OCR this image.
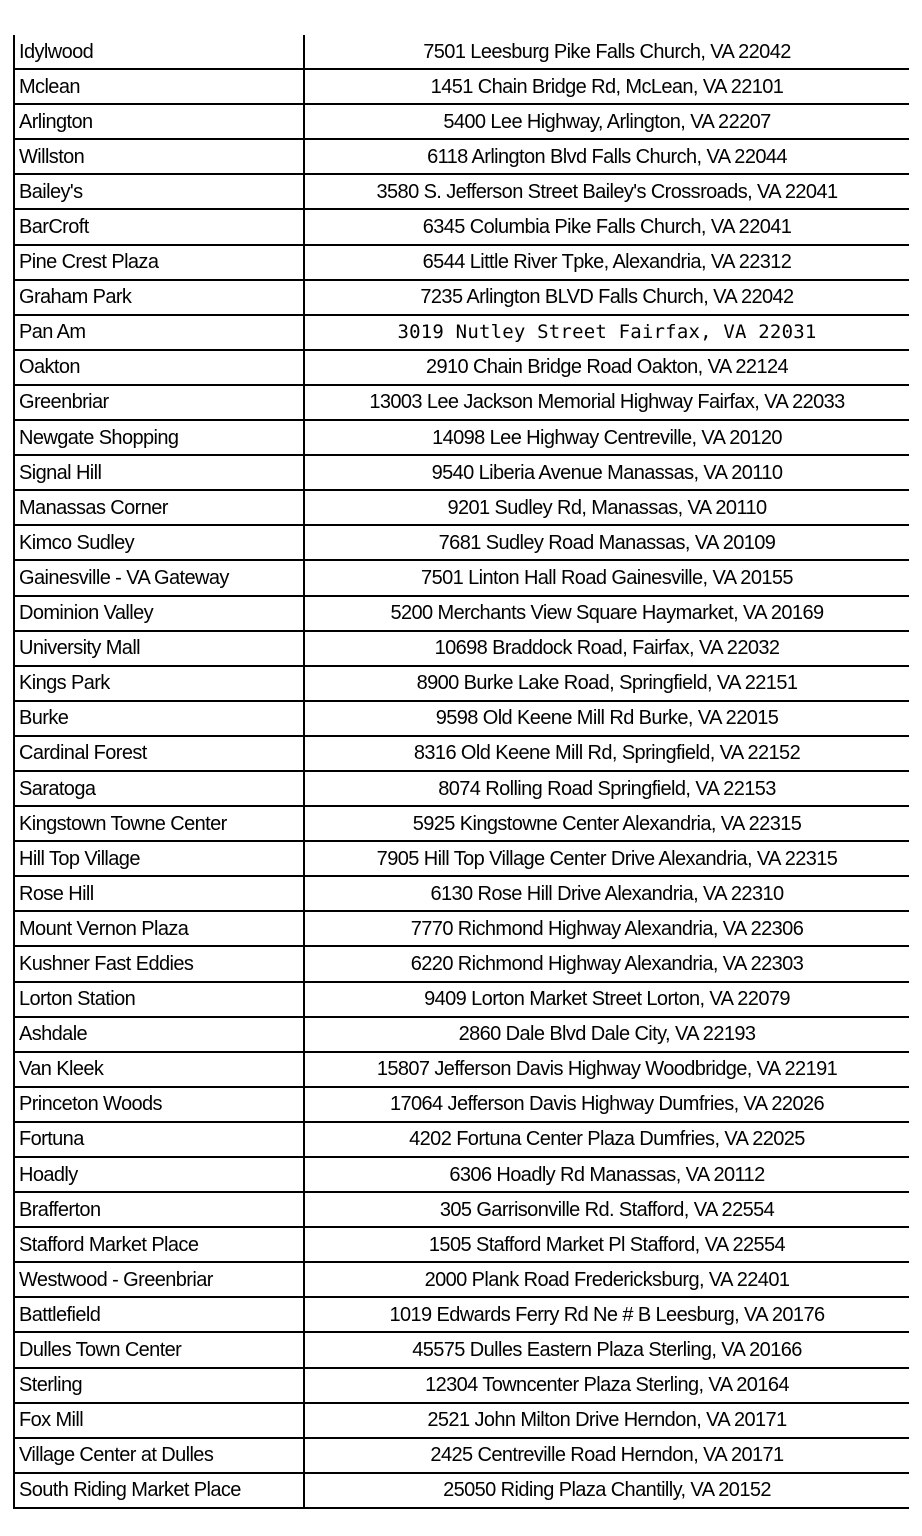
Idylwood	7501 Leesburg Pike Falls Church, VA 22042
Mclean	1451 Chain Bridge Rd, McLean, VA 22101
Arlington	5400 Lee Highway, Arlington, VA 22207
Willston	6118 Arlington Blvd Falls Church, VA 22044
Bailey's	3580 S. Jefferson Street Bailey's Crossroads, VA 22041
BarCroft	6345 Columbia Pike Falls Church, VA 22041
Pine Crest Plaza	6544 Little River Tpke, Alexandria, VA 22312
Graham Park	7235 Arlington BLVD Falls Church, VA 22042
Pan Am	3019 Nutley Street Fairfax, VA 22031
Oakton	2910 Chain Bridge Road Oakton, VA 22124
Greenbriar	13003 Lee Jackson Memorial Highway Fairfax, VA 22033
Newgate Shopping	14098 Lee Highway Centreville, VA 20120
Signal Hill	9540 Liberia Avenue Manassas, VA 20110
Manassas Corner	9201 Sudley Rd, Manassas, VA 20110
Kimco Sudley	7681 Sudley Road Manassas, VA 20109
Gainesville - VA Gateway	7501 Linton Hall Road Gainesville, VA 20155
Dominion Valley	5200 Merchants View Square Haymarket, VA 20169
University Mall	10698 Braddock Road, Fairfax, VA 22032
Kings Park	8900 Burke Lake Road, Springfield, VA 22151
Burke	9598 Old Keene Mill Rd Burke, VA 22015
Cardinal Forest	8316 Old Keene Mill Rd, Springfield, VA 22152
Saratoga	8074 Rolling Road Springfield, VA 22153
Kingstown Towne Center	5925 Kingstowne Center Alexandria, VA 22315
Hill Top Village	7905 Hill Top Village Center Drive Alexandria, VA 22315
Rose Hill	6130 Rose Hill Drive Alexandria, VA 22310
Mount Vernon Plaza	7770 Richmond Highway Alexandria, VA 22306
Kushner Fast Eddies	6220 Richmond Highway Alexandria, VA 22303
Lorton Station	9409 Lorton Market Street Lorton, VA 22079
Ashdale	2860 Dale Blvd Dale City, VA 22193
Van Kleek	15807 Jefferson Davis Highway Woodbridge, VA 22191
Princeton Woods	17064 Jefferson Davis Highway Dumfries, VA 22026
Fortuna	4202 Fortuna Center Plaza Dumfries, VA 22025
Hoadly	6306 Hoadly Rd Manassas, VA 20112
Brafferton	305 Garrisonville Rd. Stafford, VA 22554
Stafford Market Place	1505 Stafford Market Pl Stafford, VA 22554
Westwood - Greenbriar	2000 Plank Road Fredericksburg, VA 22401
Battlefield	1019 Edwards Ferry Rd Ne # B Leesburg, VA 20176
Dulles Town Center	45575 Dulles Eastern Plaza Sterling, VA 20166
Sterling	12304 Towncenter Plaza Sterling, VA 20164
Fox Mill	2521 John Milton Drive Herndon, VA 20171
Village Center at Dulles	2425 Centreville Road Herndon, VA 20171
South Riding Market Place	25050 Riding Plaza Chantilly, VA 20152
